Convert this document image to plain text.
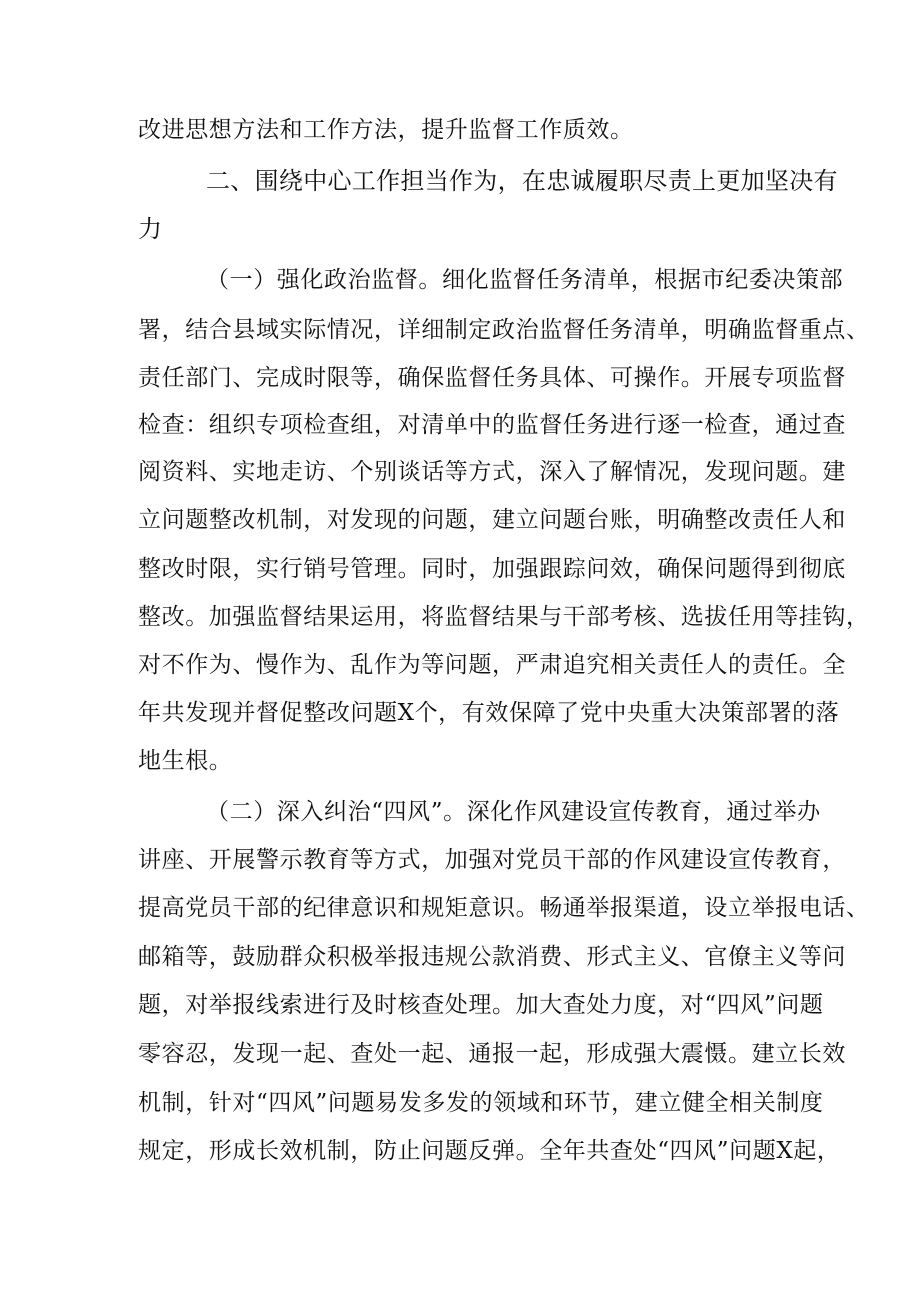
改进思想方法和工作方法，提升监督工作质效。
二、围绕中心工作担当作为，在忠诚履职尽责上更加坚决有
力
（一）强化政治监督。细化监督任务清单，根据市纪委决策部
署，结合县域实际情况，详细制定政治监督任务清单，明确监督重点、
责任部门、完成时限等，确保监督任务具体、可操作。开展专项监督
检查：组织专项检查组，对清单中的监督任务进行逐一检查，通过查
阅资料、实地走访、个别谈话等方式，深入了解情况，发现问题。建
立问题整改机制，对发现的问题，建立问题台账，明确整改责任人和
整改时限，实行销号管理。同时，加强跟踪问效，确保问题得到彻底
整改。加强监督结果运用，将监督结果与干部考核、选拔任用等挂钩，
对不作为、慢作为、乱作为等问题，严肃追究相关责任人的责任。全
年共发现并督促整改问题X个，有效保障了党中央重大决策部署的落
地生根。
（二）深入纠治“四风”。深化作风建设宣传教育，通过举办
讲座、开展警示教育等方式，加强对党员干部的作风建设宣传教育，
提高党员干部的纪律意识和规矩意识。畅通举报渠道，设立举报电话、
邮箱等，鼓励群众积极举报违规公款消费、形式主义、官僚主义等问
题，对举报线索进行及时核查处理。加大查处力度，对“四风”问题
零容忍，发现一起、查处一起、通报一起，形成强大震慑。建立长效
机制，针对“四风”问题易发多发的领域和环节，建立健全相关制度
规定，形成长效机制，防止问题反弹。全年共查处“四风”问题X起，
